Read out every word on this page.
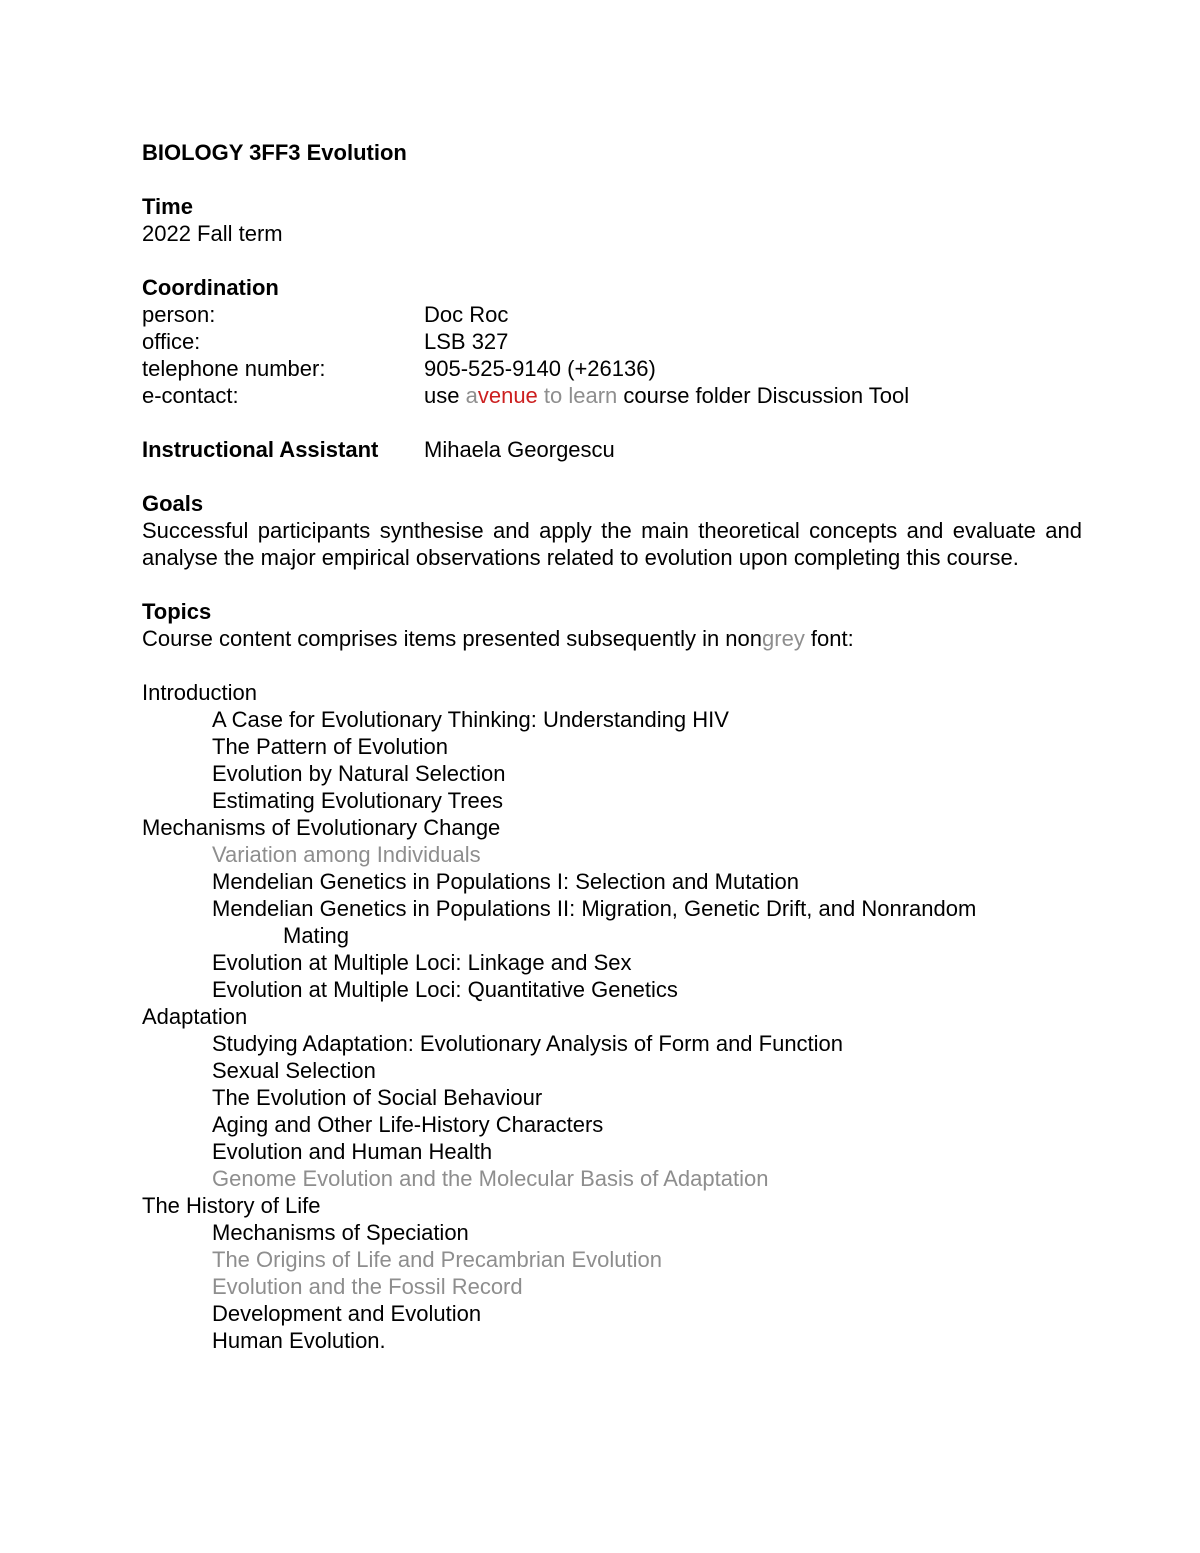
BIOLOGY 3FF3 Evolution
Time
2022 Fall term
Coordination
person:	Doc Roc
office:	LSB 327
telephone number:	905-525-9140 (+26136)
e-contact:	use avenue to learn course folder Discussion Tool
Instructional Assistant	Mihaela Georgescu
Goals
Successful participants synthesise and apply the main theoretical concepts and evaluate and analyse the major empirical observations related to evolution upon completing this course.
Topics
Course content comprises items presented subsequently in nongrey font:
Introduction
A Case for Evolutionary Thinking: Understanding HIV
The Pattern of Evolution
Evolution by Natural Selection
Estimating Evolutionary Trees
Mechanisms of Evolutionary Change
Variation among Individuals
Mendelian Genetics in Populations I: Selection and Mutation
Mendelian Genetics in Populations II: Migration, Genetic Drift, and Nonrandom
Mating
Evolution at Multiple Loci: Linkage and Sex
Evolution at Multiple Loci: Quantitative Genetics
Adaptation
Studying Adaptation: Evolutionary Analysis of Form and Function
Sexual Selection
The Evolution of Social Behaviour
Aging and Other Life-History Characters
Evolution and Human Health
Genome Evolution and the Molecular Basis of Adaptation
The History of Life
Mechanisms of Speciation
The Origins of Life and Precambrian Evolution
Evolution and the Fossil Record
Development and Evolution
Human Evolution.
